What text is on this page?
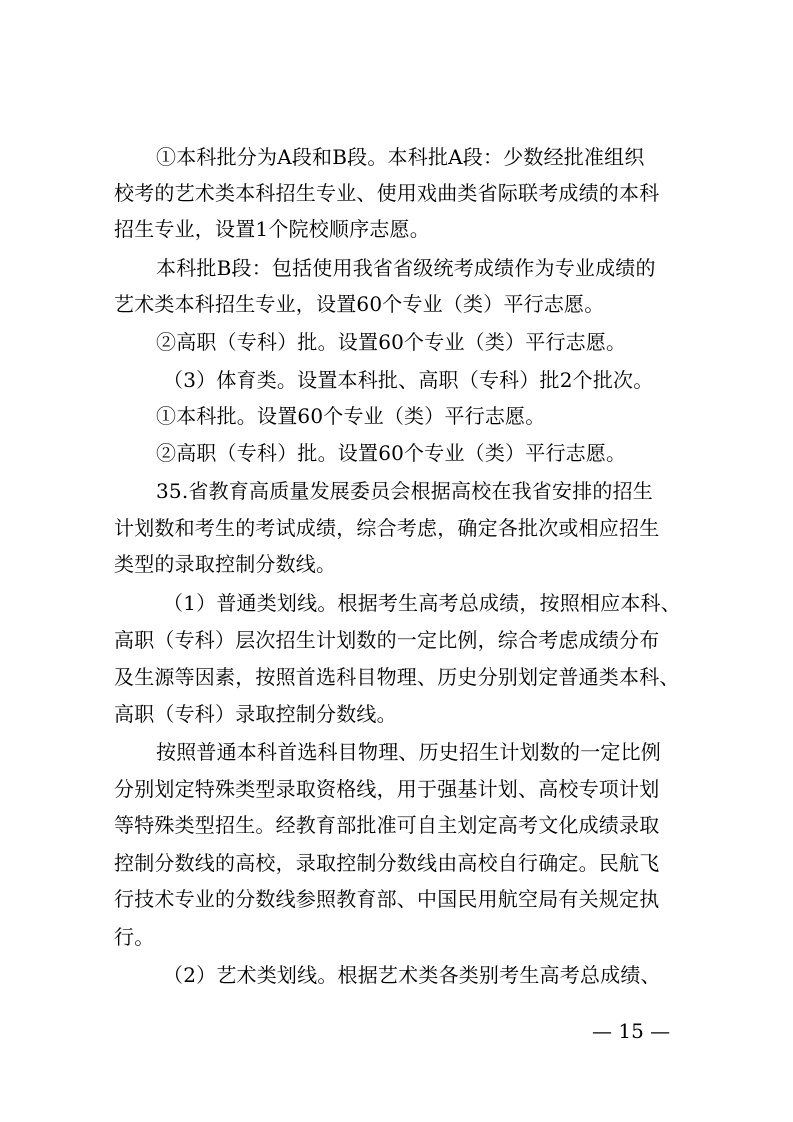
①本科批分为A段和B段。本科批A段：少数经批准组织
校考的艺术类本科招生专业、使用戏曲类省际联考成绩的本科
招生专业，设置1个院校顺序志愿。
本科批B段：包括使用我省省级统考成绩作为专业成绩的
艺术类本科招生专业，设置60个专业（类）平行志愿。
②高职（专科）批。设置60个专业（类）平行志愿。
（3）体育类。设置本科批、高职（专科）批2个批次。
①本科批。设置60个专业（类）平行志愿。
②高职（专科）批。设置60个专业（类）平行志愿。
35.省教育高质量发展委员会根据高校在我省安排的招生
计划数和考生的考试成绩，综合考虑，确定各批次或相应招生
类型的录取控制分数线。
（1）普通类划线。根据考生高考总成绩，按照相应本科、
高职（专科）层次招生计划数的一定比例，综合考虑成绩分布
及生源等因素，按照首选科目物理、历史分别划定普通类本科、
高职（专科）录取控制分数线。
按照普通本科首选科目物理、历史招生计划数的一定比例
分别划定特殊类型录取资格线，用于强基计划、高校专项计划
等特殊类型招生。经教育部批准可自主划定高考文化成绩录取
控制分数线的高校，录取控制分数线由高校自行确定。民航飞
行技术专业的分数线参照教育部、中国民用航空局有关规定执
行。
（2）艺术类划线。根据艺术类各类别考生高考总成绩、
— 15 —
